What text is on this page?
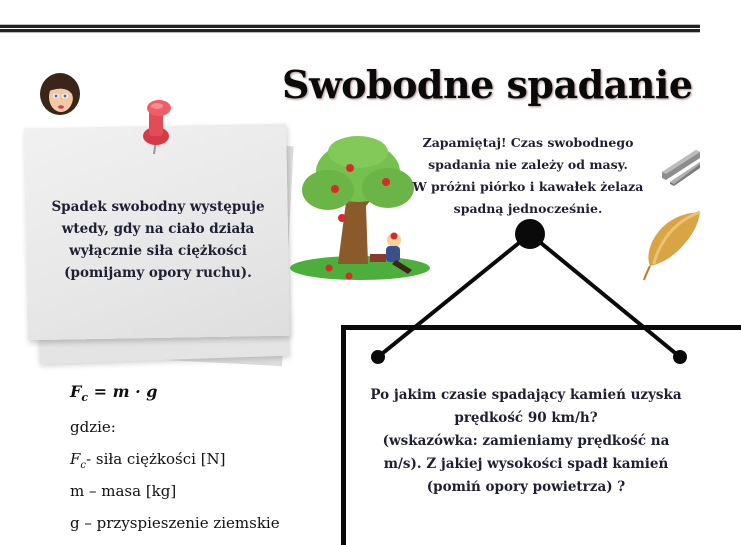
Swobodne spadanie
Spadek swobodny występuje
wtedy, gdy na ciało działa
wyłącznie siła ciężkości
(pomijamy opory ruchu).
Zapamiętaj! Czas swobodnego
spadania nie zależy od masy.
W próżni piórko i kawałek żelaza
spadną jednocześnie.
Po jakim czasie spadający kamień uzyska
prędkość 90 km/h?
(wskazówka: zamieniamy prędkość na
m/s). Z jakiej wysokości spadł kamień
(pomiń opory powietrza) ?
$F_c = m \cdot g$
gdzie:
$F_c-$ siła ciężkości [N]
m – masa [kg]
g – przyspieszenie ziemskie
